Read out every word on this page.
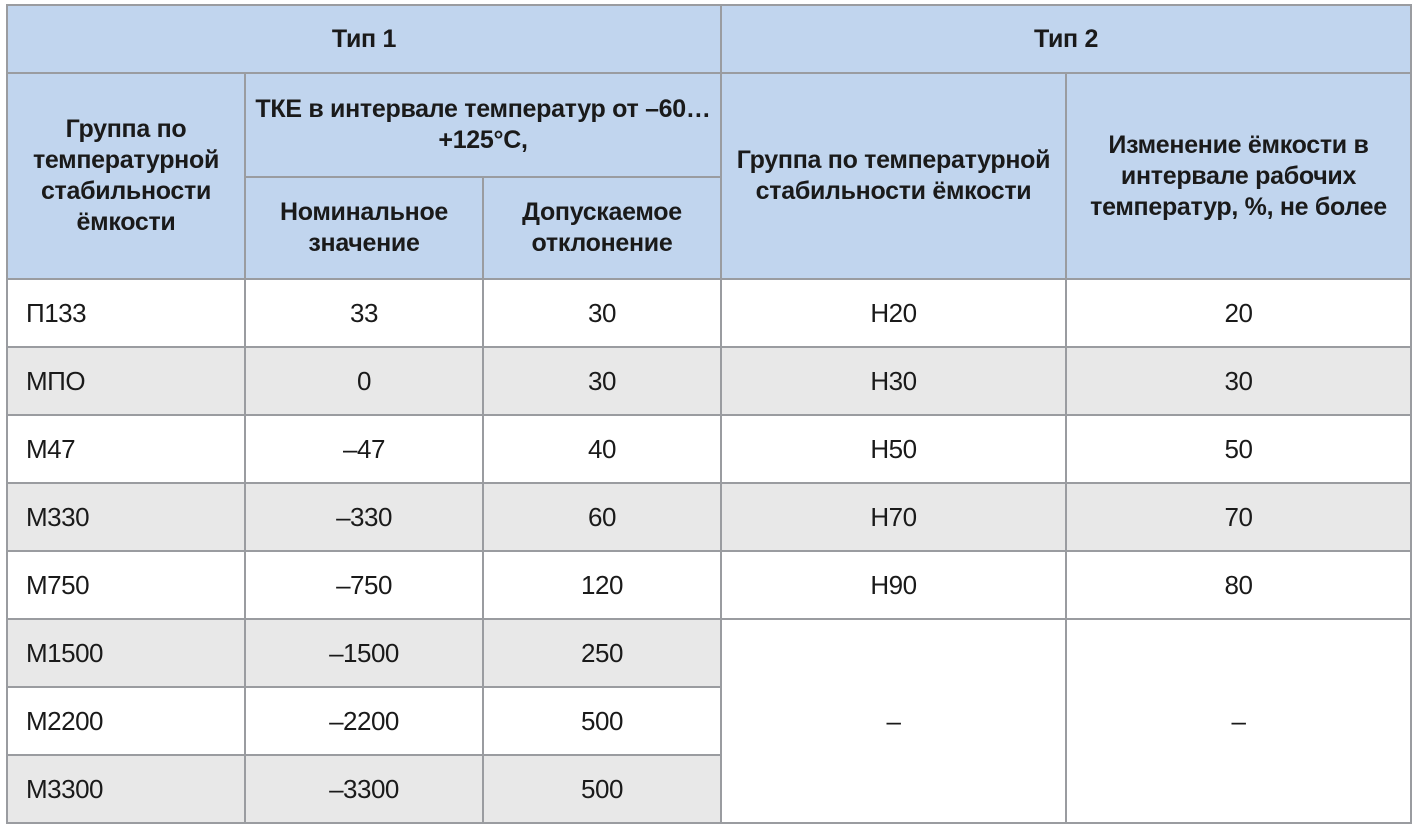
Тип 1			Тип 2	
Группа по температурной стабильности ёмкости	ТКЕ в интервале температур от –60…+125°С,		Группа по температурной стабильности ёмкости	Изменение ёмкости в интервале рабочих температур, %, не более
	Номинальное значение	Допускаемое отклонение		
П133	33	30	Н20	20
МПО	0	30	Н30	30
М47	–47	40	Н50	50
М330	–330	60	Н70	70
М750	–750	120	Н90	80
М1500	–1500	250	–	–
М2200	–2200	500		
М3300	–3300	500		
